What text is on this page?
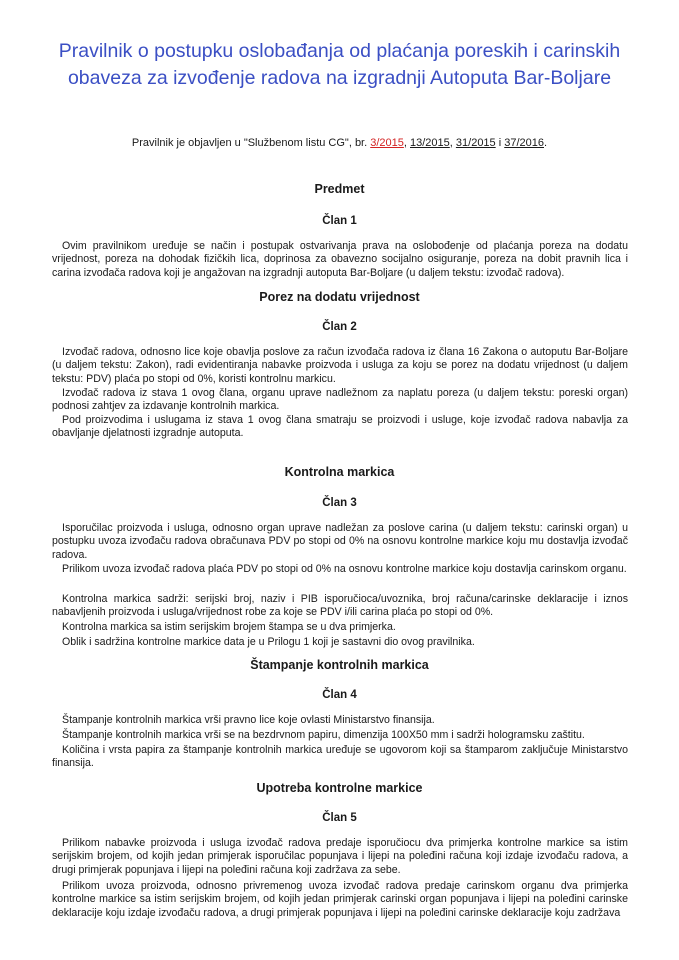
Pravilnik o postupku oslobađanja od plaćanja poreskih i carinskih
obaveza za izvođenje radova na izgradnji Autoputa Bar-Boljare
Pravilnik je objavljen u "Službenom listu CG", br. 3/2015, 13/2015, 31/2015 i 37/2016.
Predmet
Član 1
Ovim pravilnikom uređuje se način i postupak ostvarivanja prava na oslobođenje od plaćanja poreza na dodatu vrijednost, poreza na dohodak fizičkih lica, doprinosa za obavezno socijalno osiguranje, poreza na dobit pravnih lica i carina izvođača radova koji je angažovan na izgradnji autoputa Bar-Boljare (u daljem tekstu: izvođač radova).
Porez na dodatu vrijednost
Član 2
Izvođač radova, odnosno lice koje obavlja poslove za račun izvođača radova iz člana 16 Zakona o autoputu Bar-Boljare (u daljem tekstu: Zakon), radi evidentiranja nabavke proizvoda i usluga za koju se porez na dodatu vrijednost (u daljem tekstu: PDV) plaća po stopi od 0%, koristi kontrolnu markicu.
Izvođač radova iz stava 1 ovog člana, organu uprave nadležnom za naplatu poreza (u daljem tekstu: poreski organ) podnosi zahtjev za izdavanje kontrolnih markica.
Pod proizvodima i uslugama iz stava 1 ovog člana smatraju se proizvodi i usluge, koje izvođač radova nabavlja za obavljanje djelatnosti izgradnje autoputa.
Kontrolna markica
Član 3
Isporučilac proizvoda i usluga, odnosno organ uprave nadležan za poslove carina (u daljem tekstu: carinski organ) u postupku uvoza izvođaču radova obračunava PDV po stopi od 0% na osnovu kontrolne markice koju mu dostavlja izvođač radova.
Prilikom uvoza izvođač radova plaća PDV po stopi od 0% na osnovu kontrolne markice koju dostavlja carinskom organu.
Kontrolna markica sadrži: serijski broj, naziv i PIB isporučioca/uvoznika, broj računa/carinske deklaracije i iznos nabavljenih proizvoda i usluga/vrijednost robe za koje se PDV i/ili carina plaća po stopi od 0%.
Kontrolna markica sa istim serijskim brojem štampa se u dva primjerka.
Oblik i sadržina kontrolne markice data je u Prilogu 1 koji je sastavni dio ovog pravilnika.
Štampanje kontrolnih markica
Član 4
Štampanje kontrolnih markica vrši pravno lice koje ovlasti Ministarstvo finansija.
Štampanje kontrolnih markica vrši se na bezdrvnom papiru, dimenzija 100X50 mm i sadrži hologramsku zaštitu.
Količina i vrsta papira za štampanje kontrolnih markica uređuje se ugovorom koji sa štamparom zaključuje Ministarstvo finansija.
Upotreba kontrolne markice
Član 5
Prilikom nabavke proizvoda i usluga izvođač radova predaje isporučiocu dva primjerka kontrolne markice sa istim serijskim brojem, od kojih jedan primjerak isporučilac popunjava i lijepi na poleđini računa koji izdaje izvođaču radova, a drugi primjerak popunjava i lijepi na poleđini računa koji zadržava za sebe.
Prilikom uvoza proizvoda, odnosno privremenog uvoza izvođač radova predaje carinskom organu dva primjerka kontrolne markice sa istim serijskim brojem, od kojih jedan primjerak carinski organ popunjava i lijepi na poleđini carinske deklaracije koju izdaje izvođaču radova, a drugi primjerak popunjava i lijepi na poleđini carinske deklaracije koju zadržava
